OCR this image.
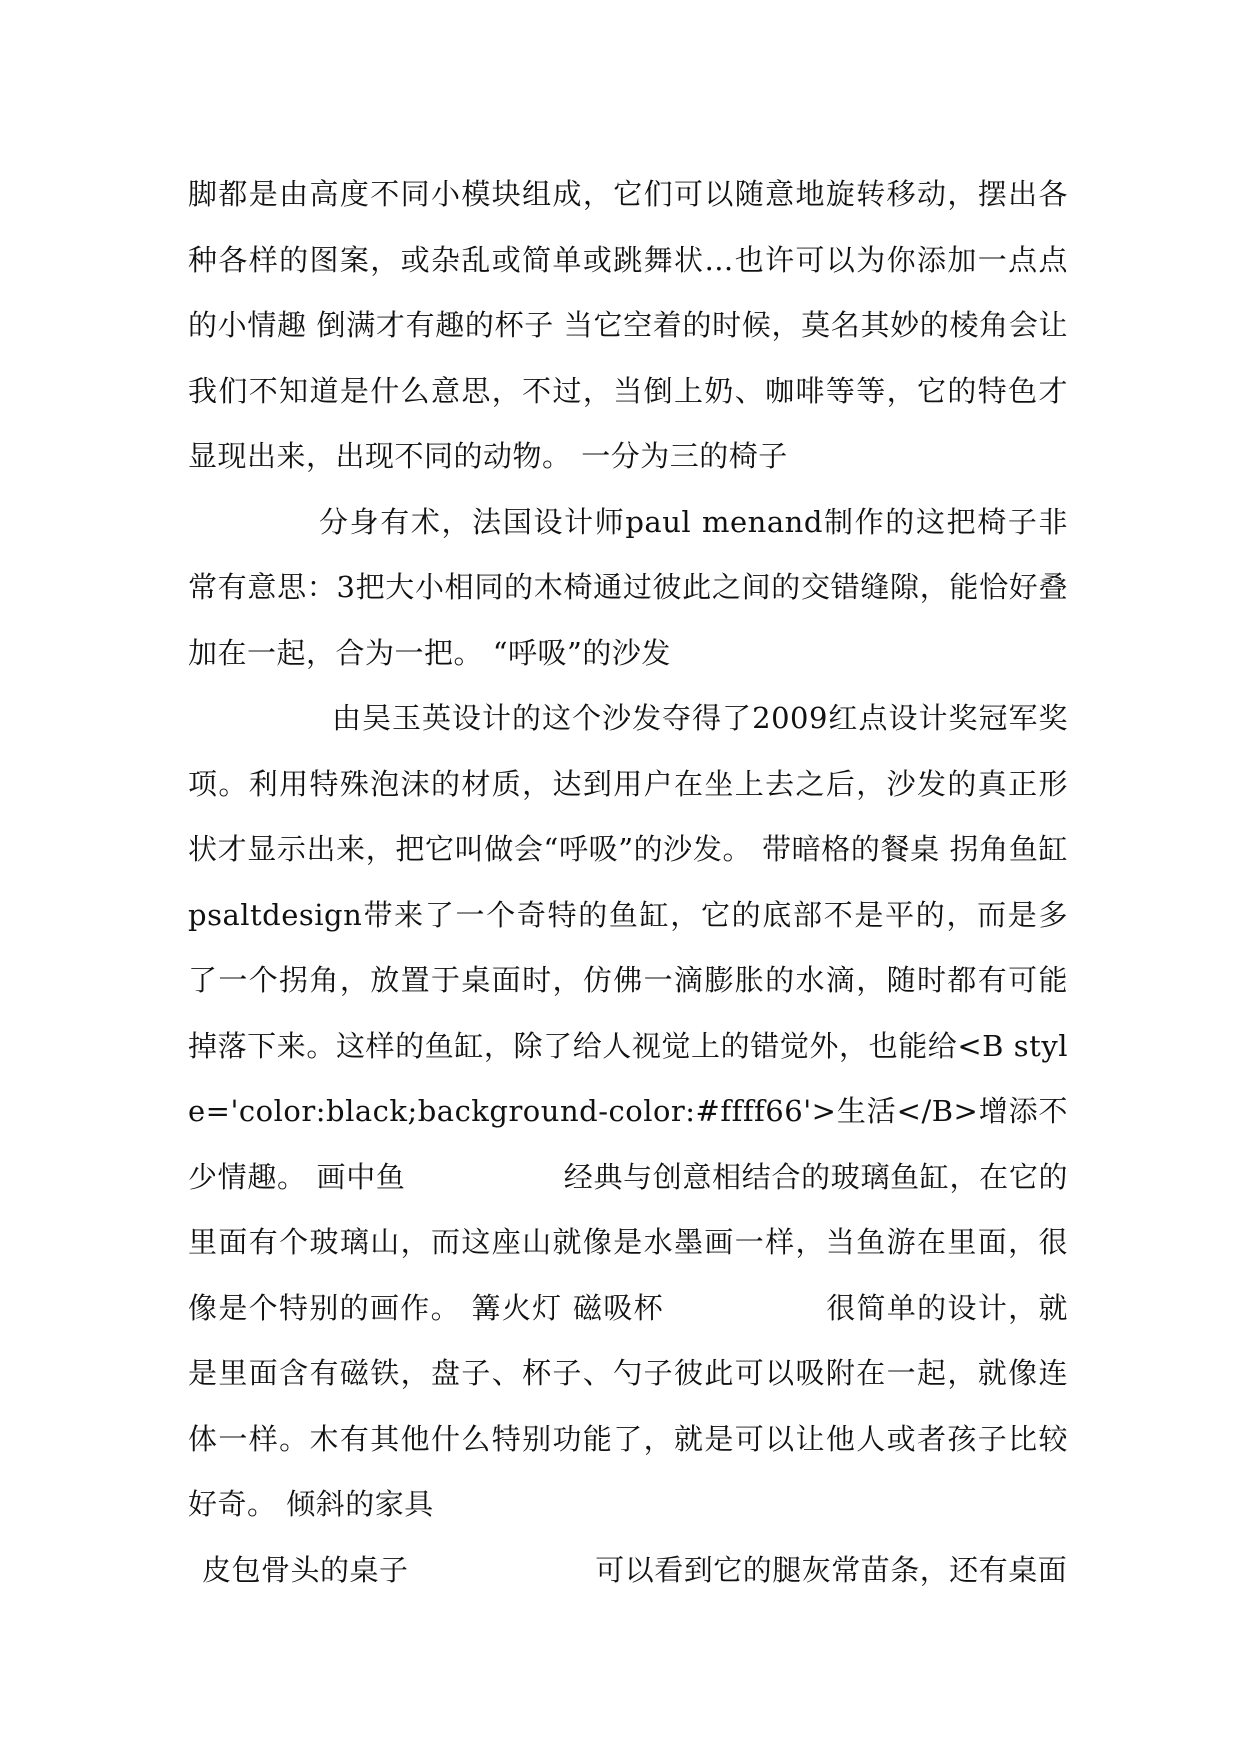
脚都是由高度不同小模块组成，它们可以随意地旋转移动，摆出各种各样的图案，或杂乱或简单或跳舞状…也许可以为你添加一点点的小情趣 倒满才有趣的杯子 当它空着的时候，莫名其妙的棱角会让我们不知道是什么意思，不过，当倒上奶、咖啡等等，它的特色才显现出来，出现不同的动物。 一分为三的椅子

分身有术，法国设计师paul menand制作的这把椅子非常有意思：3把大小相同的木椅通过彼此之间的交错缝隙，能恰好叠加在一起，合为一把。 “呼吸”的沙发

由吴玉英设计的这个沙发夺得了2009红点设计奖冠军奖项。利用特殊泡沫的材质，达到用户在坐上去之后，沙发的真正形状才显示出来，把它叫做会“呼吸”的沙发。 带暗格的餐桌 拐角鱼缸 psaltdesign带来了一个奇特的鱼缸，它的底部不是平的，而是多了一个拐角，放置于桌面时，仿佛一滴膨胀的水滴，随时都有可能掉落下来。这样的鱼缸，除了给人视觉上的错觉外，也能给<B style='color:black;background-color:#ffff66'>生活</B>增添不少情趣。 画中鱼 　　　　　经典与创意相结合的玻璃鱼缸，在它的里面有个玻璃山，而这座山就像是水墨画一样，当鱼游在里面，很像是个特别的画作。 篝火灯 磁吸杯 　　　　　很简单的设计，就是里面含有磁铁，盘子、杯子、勺子彼此可以吸附在一起，就像连体一样。木有其他什么特别功能了，就是可以让他人或者孩子比较好奇。 倾斜的家具

皮包骨头的桌子 　　　　　　可以看到它的腿灰常苗条，还有桌面
